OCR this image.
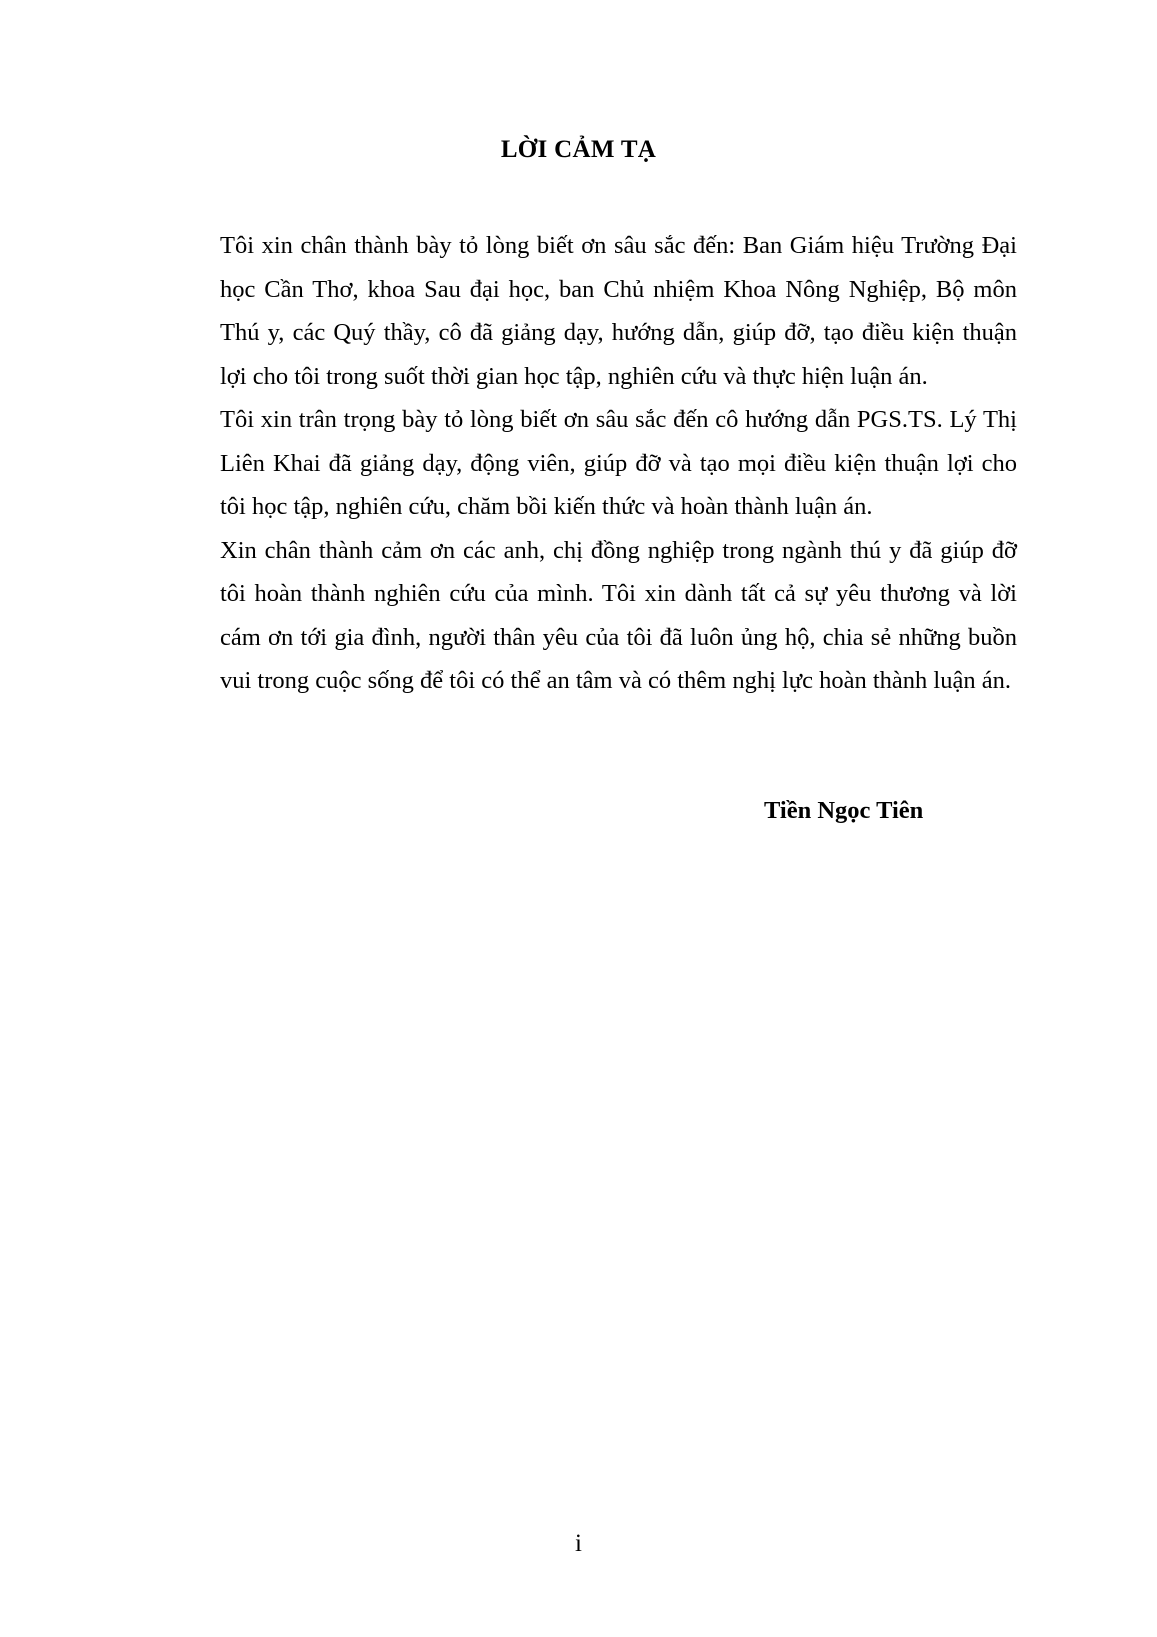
LỜI CẢM TẠ

Tôi xin chân thành bày tỏ lòng biết ơn sâu sắc đến: Ban Giám hiệu Trường Đại học Cần Thơ, khoa Sau đại học, ban Chủ nhiệm Khoa Nông Nghiệp, Bộ môn Thú y, các Quý thầy, cô đã giảng dạy, hướng dẫn, giúp đỡ, tạo điều kiện thuận lợi cho tôi trong suốt thời gian học tập, nghiên cứu và thực hiện luận án.

Tôi xin trân trọng bày tỏ lòng biết ơn sâu sắc đến cô hướng dẫn PGS.TS. Lý Thị Liên Khai đã giảng dạy, động viên, giúp đỡ và tạo mọi điều kiện thuận lợi cho tôi học tập, nghiên cứu, chăm bồi kiến thức và hoàn thành luận án.

Xin chân thành cảm ơn các anh, chị đồng nghiệp trong ngành thú y đã giúp đỡ tôi hoàn thành nghiên cứu của mình. Tôi xin dành tất cả sự yêu thương và lời cám ơn tới gia đình, người thân yêu của tôi đã luôn ủng hộ, chia sẻ những buồn vui trong cuộc sống để tôi có thể an tâm và có thêm nghị lực hoàn thành luận án.

Tiền Ngọc Tiên
i
